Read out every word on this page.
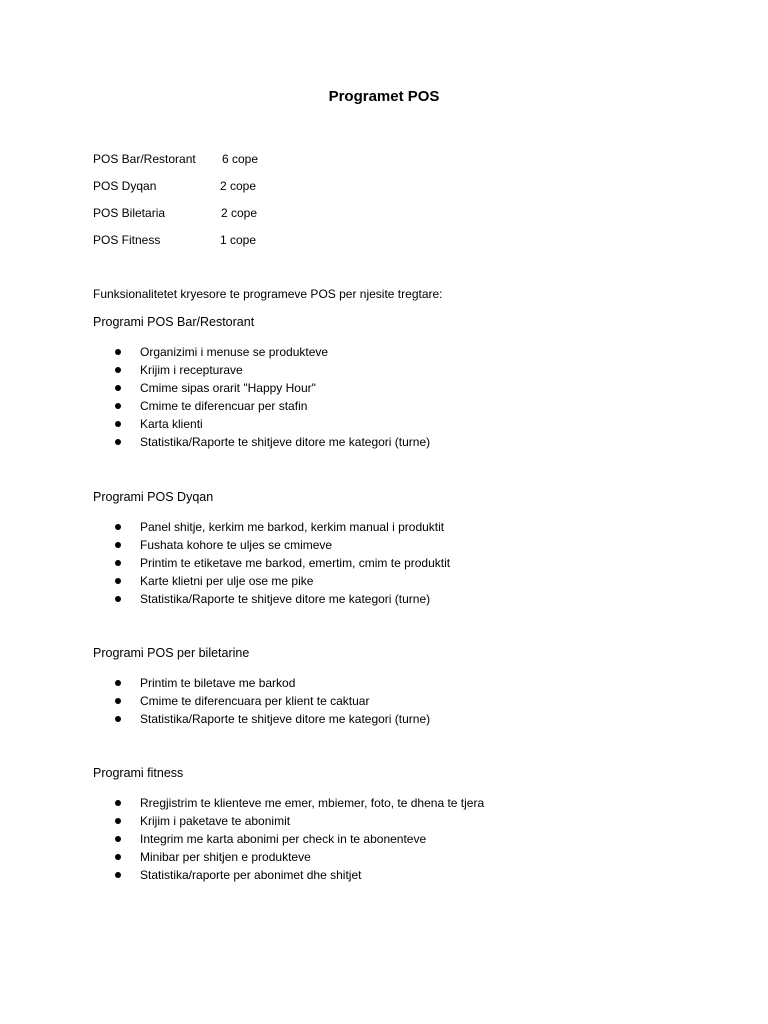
Programet POS
POS Bar/Restorant 6 cope
POS Dyqan	2 cope
POS Biletaria	2 cope
POS Fitness	1 cope
Funksionalitetet kryesore te programeve POS per njesite tregtare:
Programi POS Bar/Restorant
Organizimi i menuse se produkteve
Krijim i recepturave
Cmime sipas orarit "Happy Hour"
Cmime te diferencuar per stafin
Karta klienti
Statistika/Raporte te shitjeve ditore me kategori (turne)
Programi POS Dyqan
Panel shitje, kerkim me barkod, kerkim manual i produktit
Fushata kohore te uljes se cmimeve
Printim te etiketave me barkod, emertim, cmim te produktit
Karte klietni per ulje ose me pike
Statistika/Raporte te shitjeve ditore me kategori (turne)
Programi POS per biletarine
Printim te biletave me barkod
Cmime te diferencuara per klient te caktuar
Statistika/Raporte te shitjeve ditore me kategori (turne)
Programi fitness
Rregjistrim te klienteve me emer, mbiemer, foto, te dhena te tjera
Krijim i paketave te abonimit
Integrim me karta abonimi per check in te abonenteve
Minibar per shitjen e produkteve
Statistika/raporte per abonimet dhe shitjet
